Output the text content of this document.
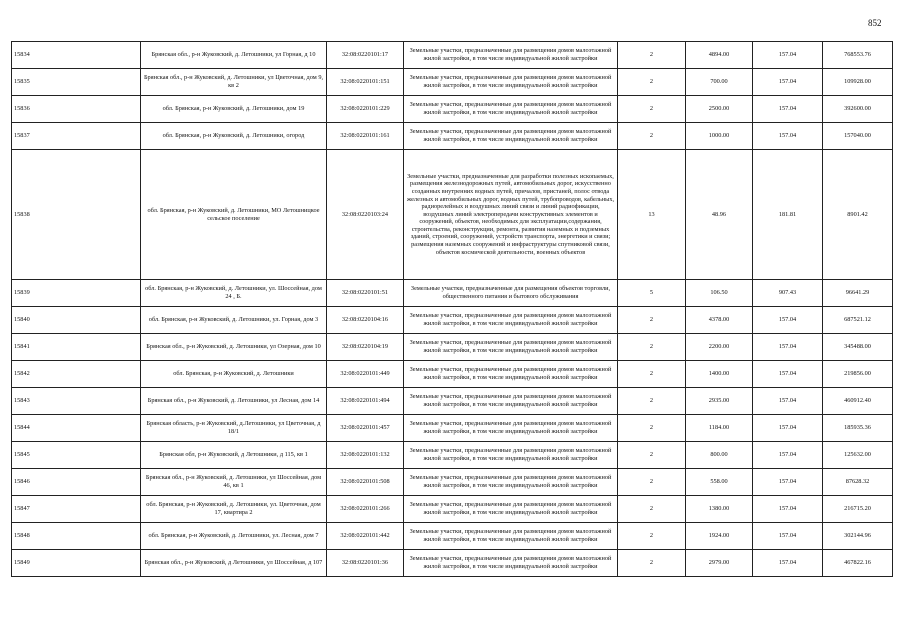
852
15834	Брянская обл., р-н Жуковский, д. Летошники, ул Горная, д 10	32:08:0220101:17	Земельные участки, предназначенные для размещения домов малоэтажной жилой застройки, в том числе индивидуальной жилой застройки	2	4894.00	157.04	768553.76
15835	Брянская обл., р-н Жуковский, д. Летошники, ул Цветочная, дом 9, кв 2	32:08:0220101:151	Земельные участки, предназначенные для размещения домов малоэтажной жилой застройки, в том числе индивидуальной жилой застройки	2	700.00	157.04	109928.00
15836	обл. Брянская, р-н Жуковский, д. Летошники, дом 19	32:08:0220101:229	Земельные участки, предназначенные для размещения домов малоэтажной жилой застройки, в том числе индивидуальной жилой застройки	2	2500.00	157.04	392600.00
15837	обл. Брянская, р-н Жуковский, д. Летошники, огород	32:08:0220101:161	Земельные участки, предназначенные для размещения домов малоэтажной жилой застройки, в том числе индивидуальной жилой застройки	2	1000.00	157.04	157040.00
15838	обл. Брянская, р-н Жуковский, д. Летошники, МО Летошницкое сельское поселение	32:08:0220103:24	Земельные участки, предназначенные для разработки полезных ископаемых, размещения железнодорожных путей, автомобильных дорог, искусственно созданных внутренних водных путей, причалов, пристаней, полос отвода железных и автомобильных дорог, водных путей, трубопроводов, кабельных, радиорелейных и воздушных линий связи и линий радиофикации, воздушных линий электропередачи конструктивных элементов и сооружений, объектов, необходимых для эксплуатации,содержания, строительства, реконструкции, ремонта, развития наземных и подземных зданий, строений, сооружений, устройств транспорта, энергетики и связи; размещения наземных сооружений и инфраструктуры спутниковой связи, объектов космической деятельности, военных объектов	13	48.96	181.81	8901.42
15839	обл. Брянская, р-н Жуковский, д. Летошники, ул. Шоссейная, дом 24 , Б.	32:08:0220101:51	Земельные участки, предназначенные для размещения объектов торговли, общественного питания и бытового обслуживания	5	106.50	907.43	96641.29
15840	обл. Брянская, р-н Жуковский, д. Летошники, ул. Горная, дом 3	32:08:0220104:16	Земельные участки, предназначенные для размещения домов малоэтажной жилой застройки, в том числе индивидуальной жилой застройки	2	4378.00	157.04	687521.12
15841	Брянская обл., р-н Жуковский, д. Летошники, ул Озерная, дом 10	32:08:0220104:19	Земельные участки, предназначенные для размещения домов малоэтажной жилой застройки, в том числе индивидуальной жилой застройки	2	2200.00	157.04	345488.00
15842	обл. Брянская, р-н Жуковский, д. Летошники	32:08:0220101:449	Земельные участки, предназначенные для размещения домов малоэтажной жилой застройки, в том числе индивидуальной жилой застройки	2	1400.00	157.04	219856.00
15843	Брянская обл., р-н Жуковский, д. Летошники, ул Лесная, дом 14	32:08:0220101:494	Земельные участки, предназначенные для размещения домов малоэтажной жилой застройки, в том числе индивидуальной жилой застройки	2	2935.00	157.04	460912.40
15844	Брянская область, р-н Жуковский, д.Летошники, ул Цветочная, д 18/1	32:08:0220101:457	Земельные участки, предназначенные для размещения домов малоэтажной жилой застройки, в том числе индивидуальной жилой застройки	2	1184.00	157.04	185935.36
15845	Брянская обл, р-н Жуковский, д Летошники, д 115, кв 1	32:08:0220101:132	Земельные участки, предназначенные для размещения домов малоэтажной жилой застройки, в том числе индивидуальной жилой застройки	2	800.00	157.04	125632.00
15846	Брянская обл., р-н Жуковский, д. Летошники, ул Шоссейная, дом 46, кв 1	32:08:0220101:508	Земельные участки, предназначенные для размещения домов малоэтажной жилой застройки, в том числе индивидуальной жилой застройки	2	558.00	157.04	87628.32
15847	обл. Брянская, р-н Жуковский, д. Летошники, ул. Цветочная, дом 17, квартира 2	32:08:0220101:266	Земельные участки, предназначенные для размещения домов малоэтажной жилой застройки, в том числе индивидуальной жилой застройки	2	1380.00	157.04	216715.20
15848	обл. Брянская, р-н Жуковский, д. Летошники, ул. Лесная, дом 7	32:08:0220101:442	Земельные участки, предназначенные для размещения домов малоэтажной жилой застройки, в том числе индивидуальной жилой застройки	2	1924.00	157.04	302144.96
15849	Брянская обл., р-н Жуковский, д Летошники, ул Шоссейная, д 107	32:08:0220101:36	Земельные участки, предназначенные для размещения домов малоэтажной жилой застройки, в том числе индивидуальной жилой застройки	2	2979.00	157.04	467822.16
